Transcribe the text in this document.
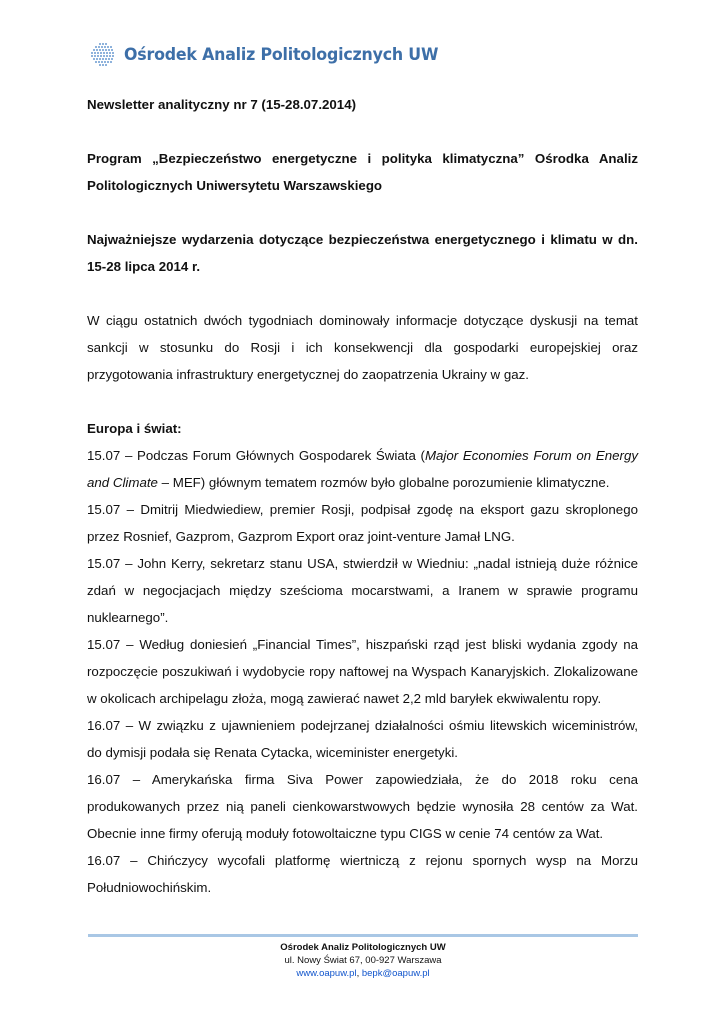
Ośrodek Analiz Politologicznych UW

Newsletter analityczny nr 7 (15-28.07.2014)

Program „Bezpieczeństwo energetyczne i polityka klimatyczna” Ośrodka Analiz Politologicznych Uniwersytetu Warszawskiego

Najważniejsze wydarzenia dotyczące bezpieczeństwa energetycznego i klimatu w dn. 15-28 lipca 2014 r.

W ciągu ostatnich dwóch tygodniach dominowały informacje dotyczące dyskusji na temat sankcji w stosunku do Rosji i ich konsekwencji dla gospodarki europejskiej oraz przygotowania infrastruktury energetycznej do zaopatrzenia Ukrainy w gaz.

Europa i świat:

15.07 – Podczas Forum Głównych Gospodarek Świata (Major Economies Forum on Energy and Climate – MEF) głównym tematem rozmów było globalne porozumienie klimatyczne.

15.07 – Dmitrij Miedwiediew, premier Rosji, podpisał zgodę na eksport gazu skroplonego przez Rosnief, Gazprom, Gazprom Export oraz joint-venture Jamał LNG.

15.07 – John Kerry, sekretarz stanu USA, stwierdził w Wiedniu: „nadal istnieją duże różnice zdań w negocjacjach między sześcioma mocarstwami, a Iranem w sprawie programu nuklearnego”.

15.07 – Według doniesień „Financial Times”, hiszpański rząd jest bliski wydania zgody na rozpoczęcie poszukiwań i wydobycie ropy naftowej na Wyspach Kanaryjskich. Zlokalizowane w okolicach archipelagu złoża, mogą zawierać nawet 2,2 mld baryłek ekwiwalentu ropy.

16.07 – W związku z ujawnieniem podejrzanej działalności ośmiu litewskich wiceministrów, do dymisji podała się Renata Cytacka, wiceminister energetyki.

16.07 – Amerykańska firma Siva Power zapowiedziała, że do 2018 roku cena produkowanych przez nią paneli cienkowarstwowych będzie wynosiła 28 centów za Wat. Obecnie inne firmy oferują moduły fotowoltaiczne typu CIGS w cenie 74 centów za Wat.

16.07 – Chińczycy wycofali platformę wiertniczą z rejonu spornych wysp na Morzu Południowochińskim.

Ośrodek Analiz Politologicznych UW
ul. Nowy Świat 67, 00-927 Warszawa
www.oapuw.pl, bepk@oapuw.pl
